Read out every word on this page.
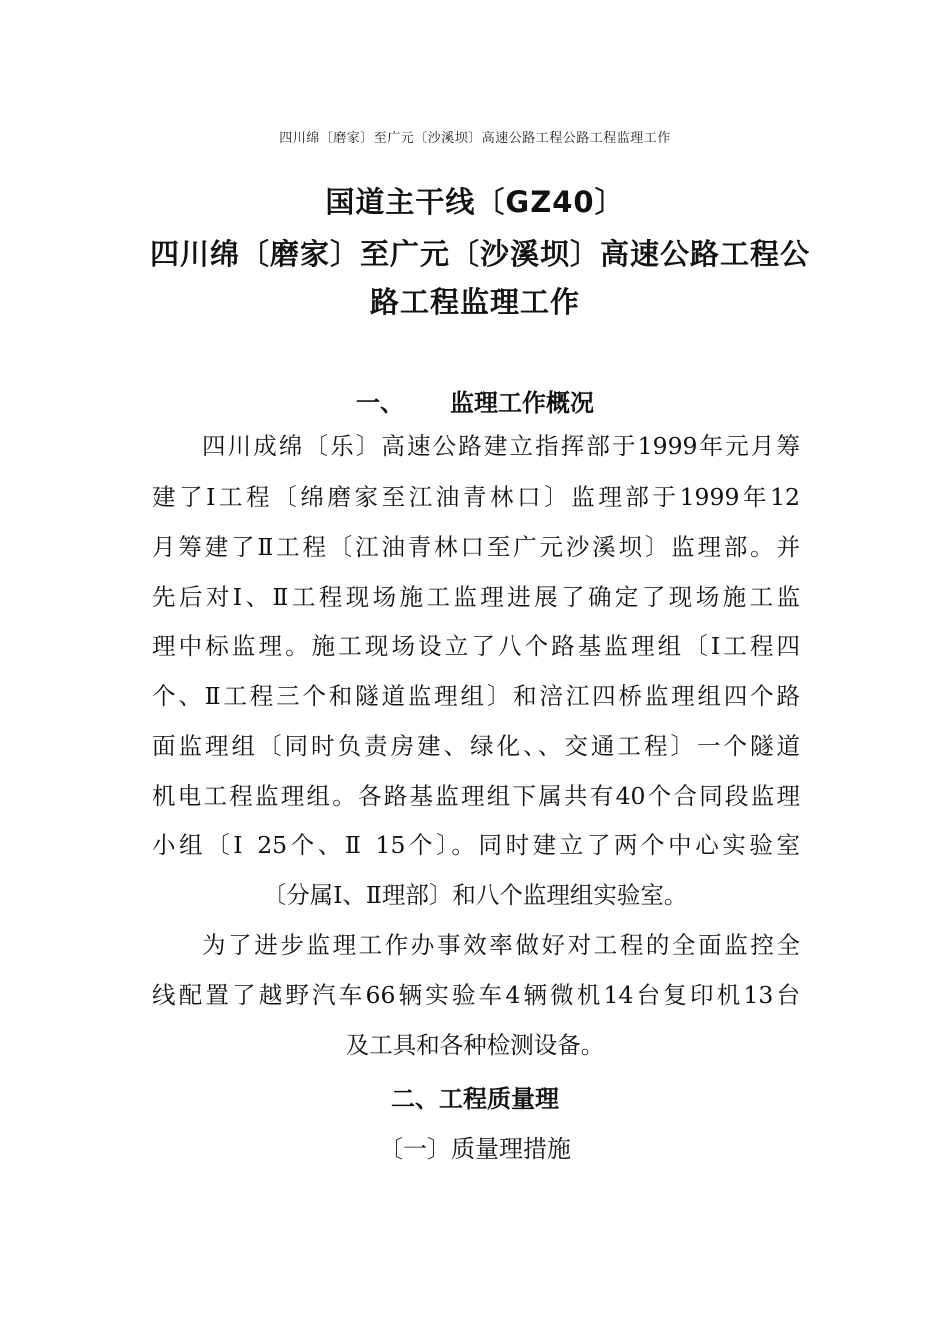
四川绵〔磨家〕至广元〔沙溪坝〕高速公路工程公路工程监理工作
国道主干线〔GZ40〕
四川绵〔磨家〕至广元〔沙溪坝〕高速公路工程公
路工程监理工作
一、 监理工作概况
四川成绵〔乐〕高速公路建立指挥部于1999年元月筹
建了Ⅰ工程〔绵磨家至江油青林口〕监理部于1999年12
月筹建了Ⅱ工程〔江油青林口至广元沙溪坝〕监理部。并
先后对Ⅰ、Ⅱ工程现场施工监理进展了确定了现场施工监
理中标监理。施工现场设立了八个路基监理组〔Ⅰ工程四
个、Ⅱ工程三个和隧道监理组〕和涪江四桥监理组四个路
面监理组〔同时负责房建、绿化、、交通工程〕一个隧道
机电工程监理组。各路基监理组下属共有40个合同段监理
小组〔Ⅰ 25个、Ⅱ 15个〕。同时建立了两个中心实验室
〔分属Ⅰ、Ⅱ理部〕和八个监理组实验室。
为了进步监理工作办事效率做好对工程的全面监控全
线配置了越野汽车66辆实验车4辆微机14台复印机13台
及工具和各种检测设备。
二、工程质量理
〔一〕质量理措施
